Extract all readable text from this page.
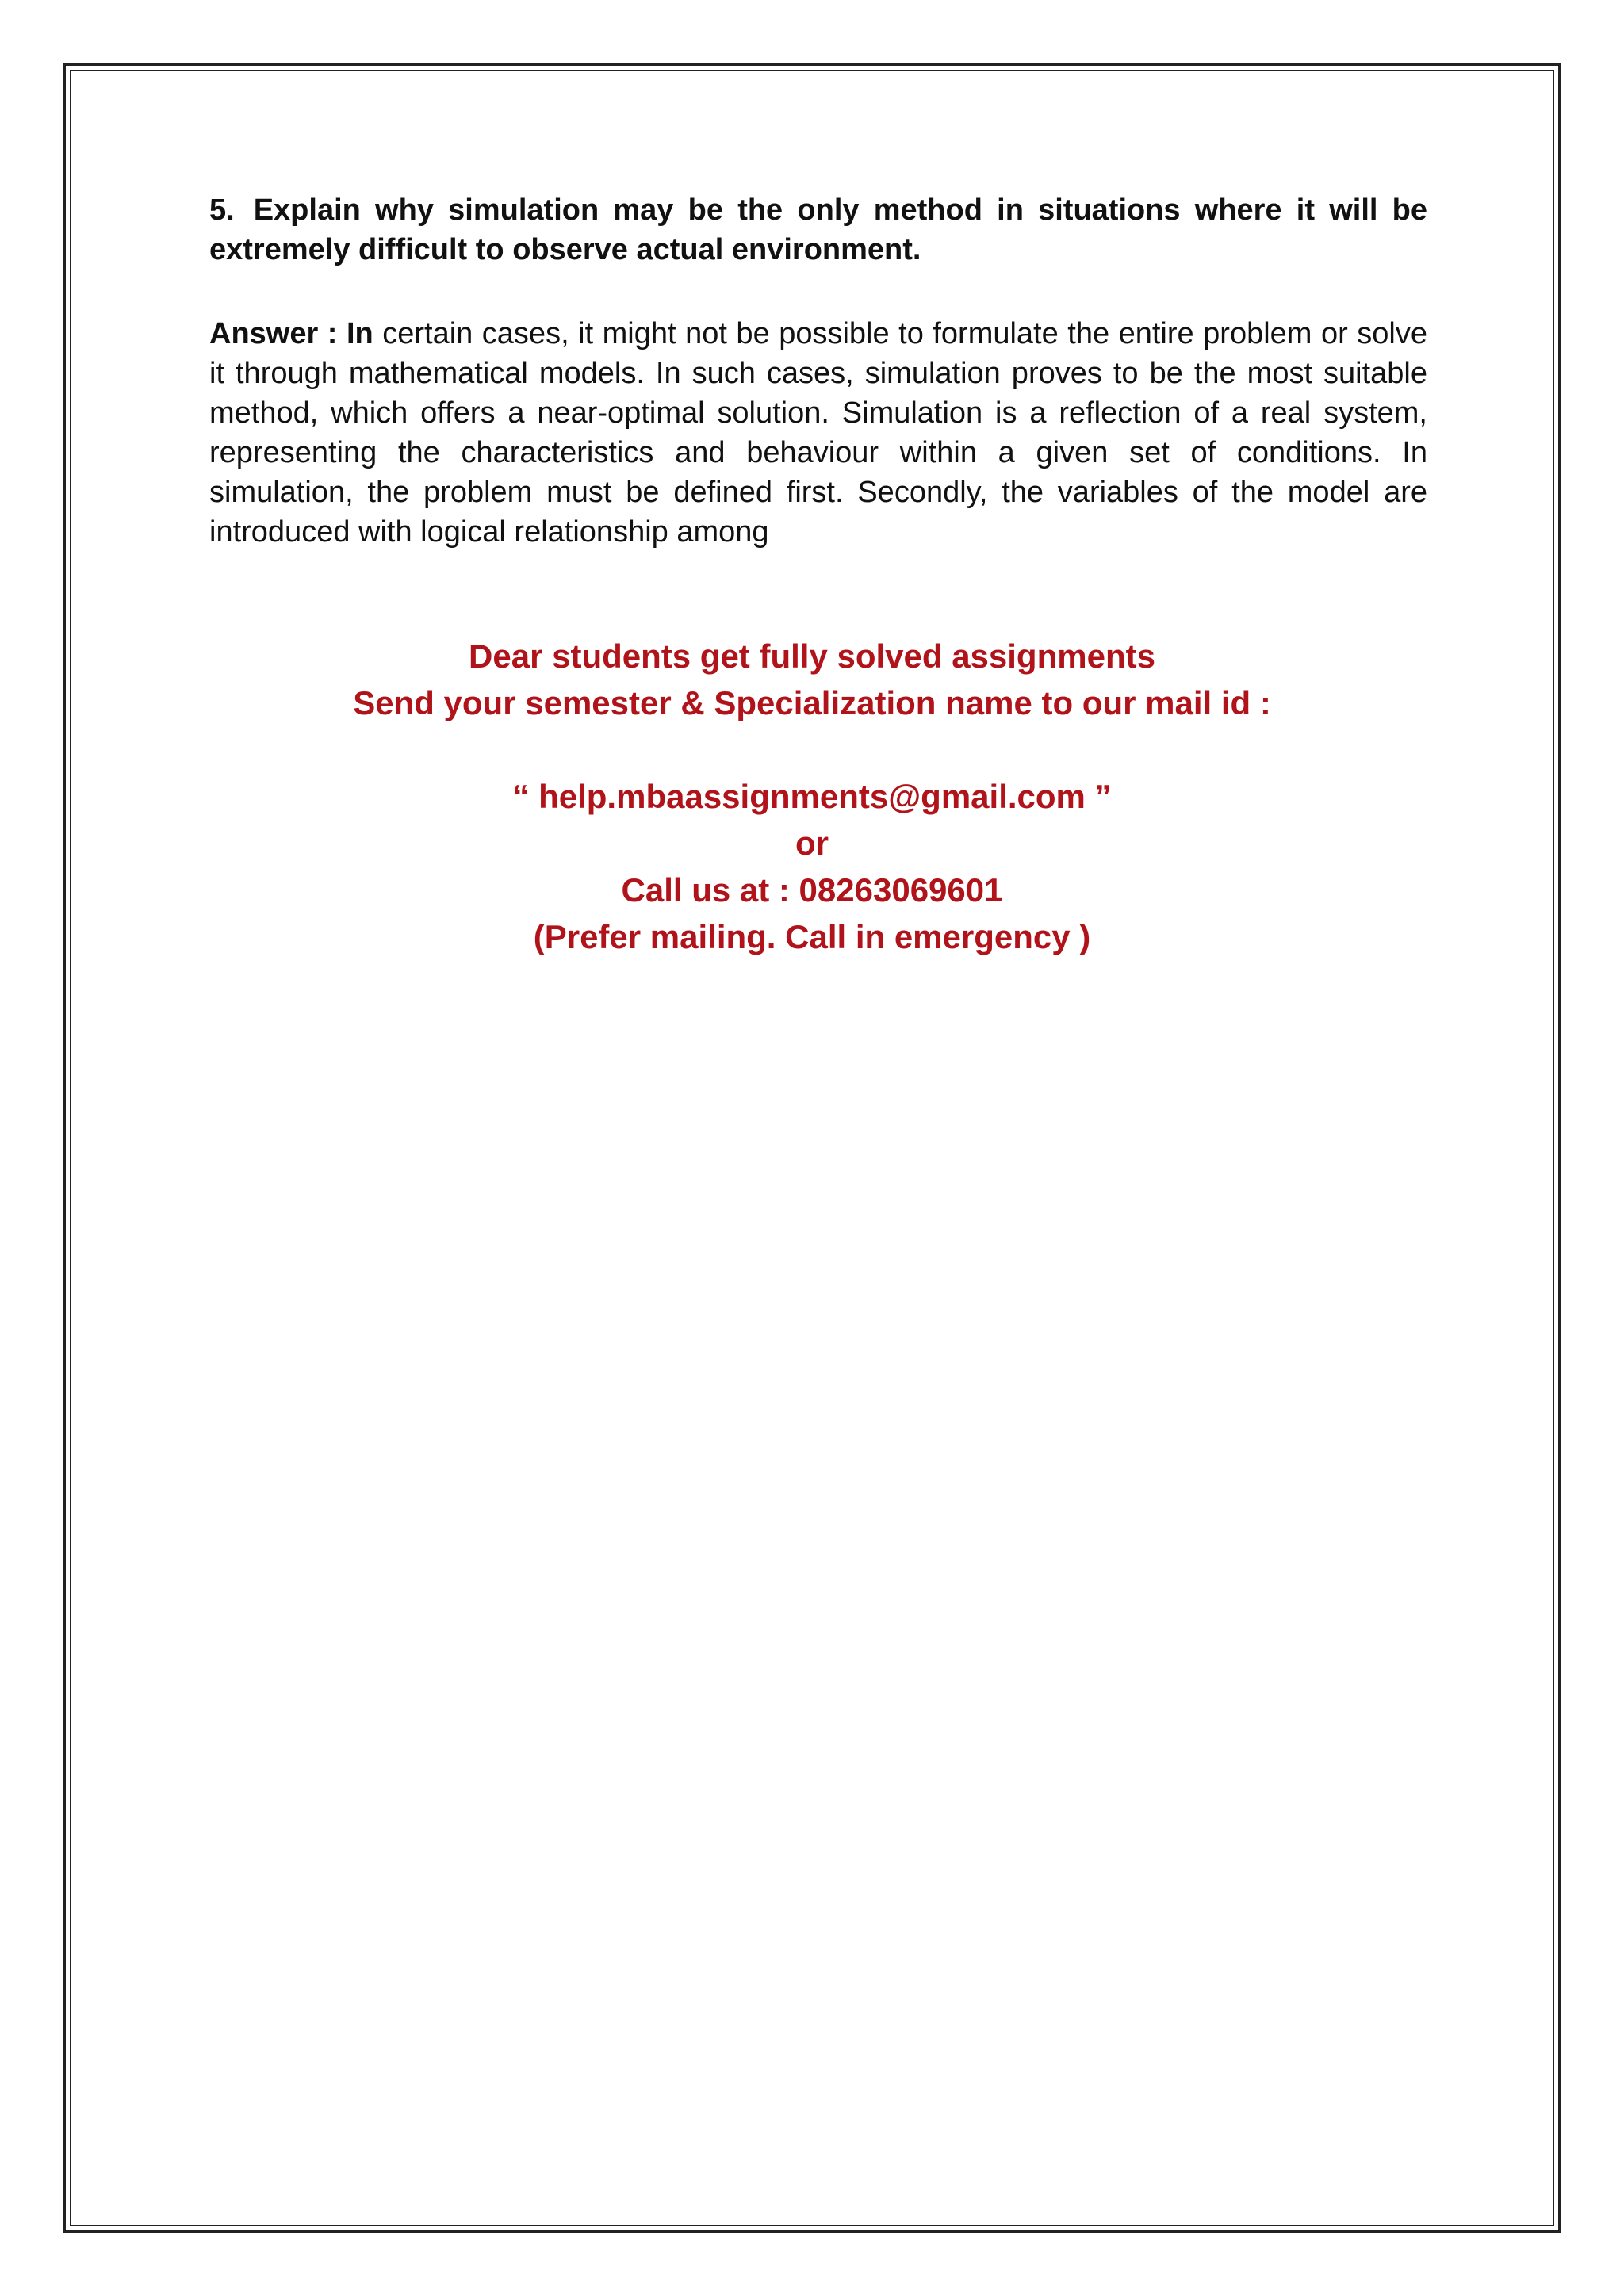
5. Explain why simulation may be the only method in situations where it will be extremely difficult to observe actual environment.

Answer : In certain cases, it might not be possible to formulate the entire problem or solve it through mathematical models. In such cases, simulation proves to be the most suitable method, which offers a near-optimal solution. Simulation is a reflection of a real system, representing the characteristics and behaviour within a given set of conditions. In simulation, the problem must be defined first. Secondly, the variables of the model are introduced with logical relationship among
Dear students get fully solved assignments
Send your semester & Specialization name to our mail id :
“ help.mbaassignments@gmail.com ”
or
Call us at : 08263069601
(Prefer mailing. Call in emergency )
